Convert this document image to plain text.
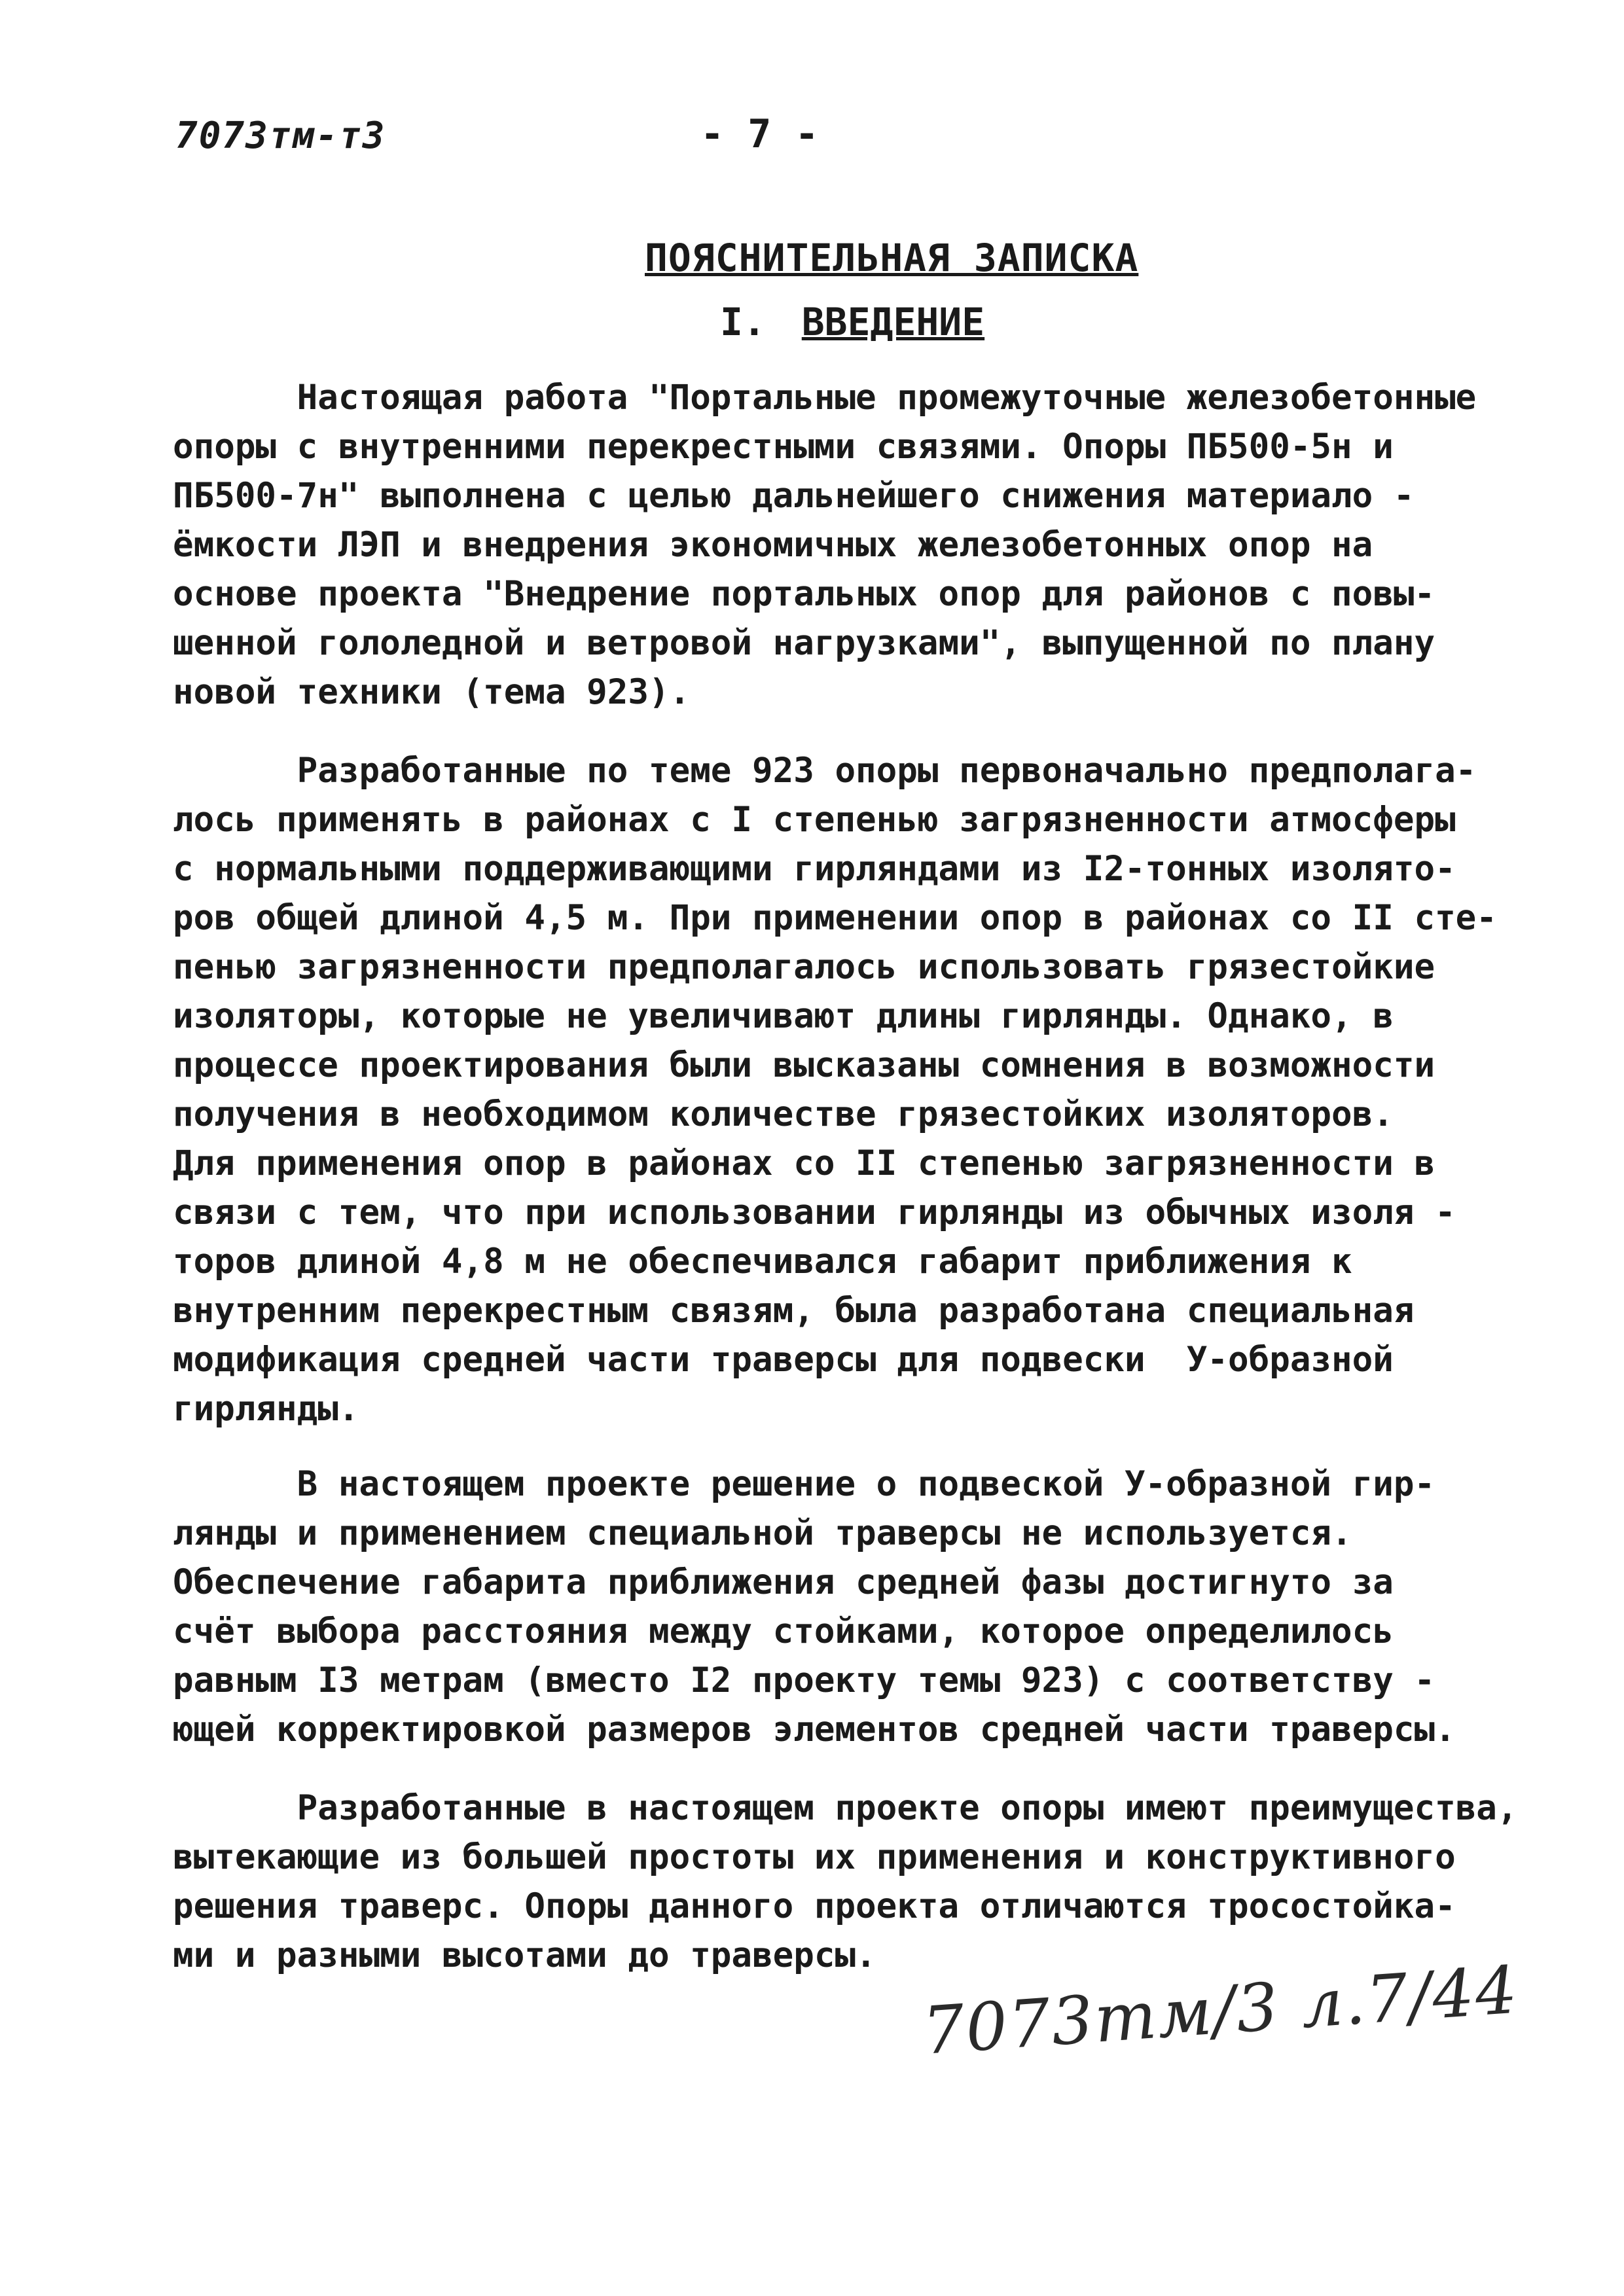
7073тм-т3	- 7 -
ПОЯСНИТЕЛЬНАЯ ЗАПИСКА
I. ВВЕДЕНИЕ
Настоящая работа "Портальные промежуточные железобетонные
опоры с внутренними перекрестными связями. Опоры ПБ500-5н и
ПБ500-7н" выполнена с целью дальнейшего снижения материало -
ёмкости ЛЭП и внедрения экономичных железобетонных опор на
основе проекта "Внедрение портальных опор для районов с повы-
шенной гололедной и ветровой нагрузками", выпущенной по плану
новой техники (тема 923).
Разработанные по теме 923 опоры первоначально предполага-
лось применять в районах с I степенью загрязненности атмосферы
с нормальными поддерживающими гирляндами из I2-тонных изолято-
ров общей длиной 4,5 м. При применении опор в районах со II сте-
пенью загрязненности предполагалось использовать грязестойкие
изоляторы, которые не увеличивают длины гирлянды. Однако, в
процессе проектирования были высказаны сомнения в возможности
получения в необходимом количестве грязестойких изоляторов.
Для применения опор в районах со II степенью загрязненности в
связи с тем, что при использовании гирлянды из обычных изоля -
торов длиной 4,8 м не обеспечивался габарит приближения к
внутренним перекрестным связям, была разработана специальная
модификация средней части траверсы для подвески  У-образной
гирлянды.
В настоящем проекте решение о подвеской У-образной гир-
лянды и применением специальной траверсы не используется.
Обеспечение габарита приближения средней фазы достигнуто за
счёт выбора расстояния между стойками, которое определилось
равным I3 метрам (вместо I2 проекту темы 923) с соответству -
ющей корректировкой размеров элементов средней части траверсы.
Разработанные в настоящем проекте опоры имеют преимущества,
вытекающие из большей простоты их применения и конструктивного
решения траверс. Опоры данного проекта отличаются тросостойка-
ми и разными высотами до траверсы. 7073тм/3 л.7/44
